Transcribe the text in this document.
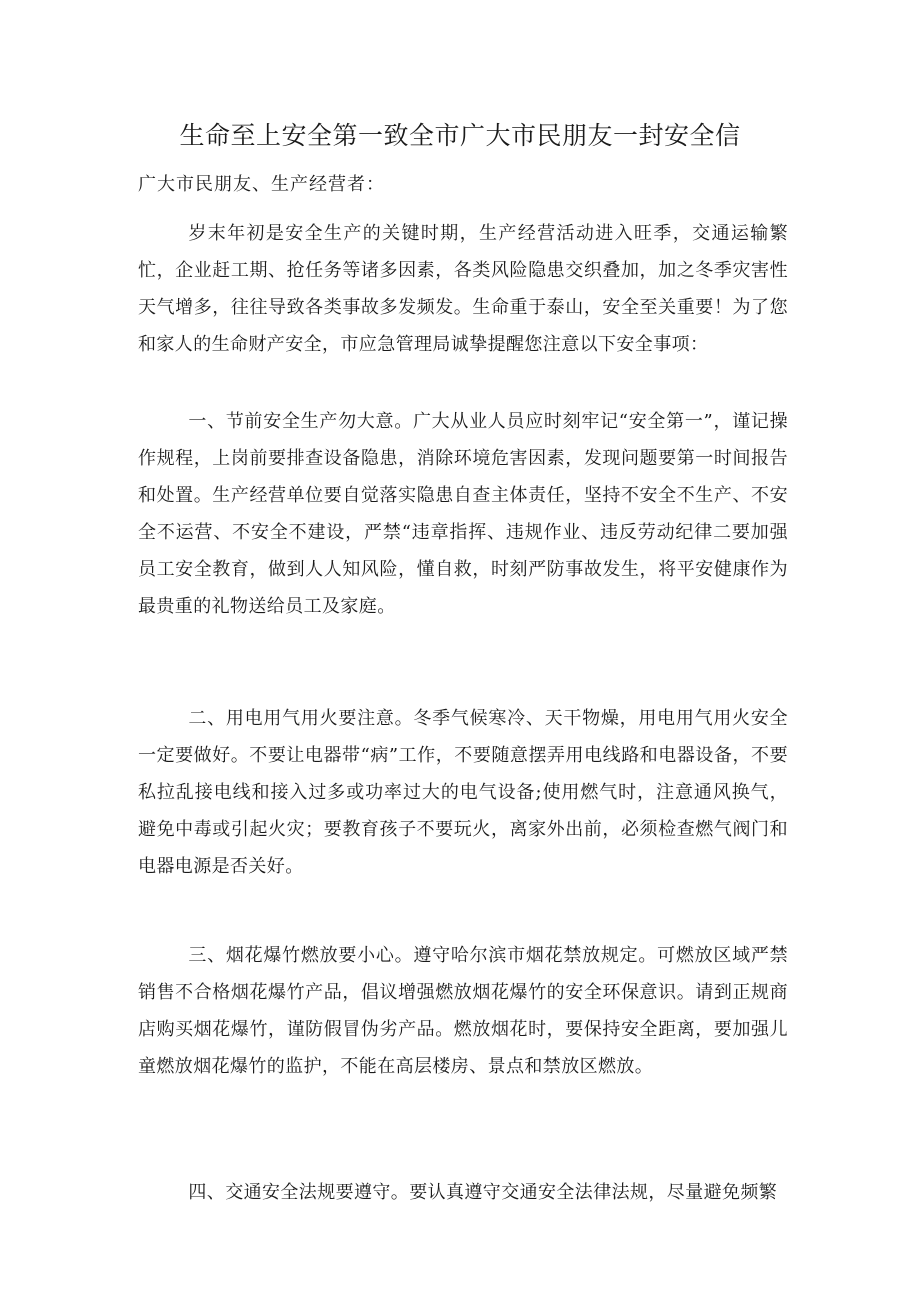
生命至上安全第一致全市广大市民朋友一封安全信
广大市民朋友、生产经营者：

岁末年初是安全生产的关键时期，生产经营活动进入旺季，交通运输繁忙，企业赶工期、抢任务等诸多因素，各类风险隐患交织叠加，加之冬季灾害性天气增多，往往导致各类事故多发频发。生命重于泰山，安全至关重要！为了您和家人的生命财产安全，市应急管理局诚挚提醒您注意以下安全事项：

一、节前安全生产勿大意。广大从业人员应时刻牢记“安全第一”，谨记操作规程，上岗前要排查设备隐患，消除环境危害因素，发现问题要第一时间报告和处置。生产经营单位要自觉落实隐患自查主体责任，坚持不安全不生产、不安全不运营、不安全不建设，严禁“违章指挥、违规作业、违反劳动纪律二要加强员工安全教育，做到人人知风险，懂自救，时刻严防事故发生，将平安健康作为最贵重的礼物送给员工及家庭。

二、用电用气用火要注意。冬季气候寒冷、天干物燥，用电用气用火安全一定要做好。不要让电器带“病”工作，不要随意摆弄用电线路和电器设备，不要私拉乱接电线和接入过多或功率过大的电气设备;使用燃气时，注意通风换气，避免中毒或引起火灾；要教育孩子不要玩火，离家外出前，必须检查燃气阀门和电器电源是否关好。

三、烟花爆竹燃放要小心。遵守哈尔滨市烟花禁放规定。可燃放区域严禁销售不合格烟花爆竹产品，倡议增强燃放烟花爆竹的安全环保意识。请到正规商店购买烟花爆竹，谨防假冒伪劣产品。燃放烟花时，要保持安全距离，要加强儿童燃放烟花爆竹的监护，不能在高层楼房、景点和禁放区燃放。

四、交通安全法规要遵守。要认真遵守交通安全法律法规，尽量避免频繁
